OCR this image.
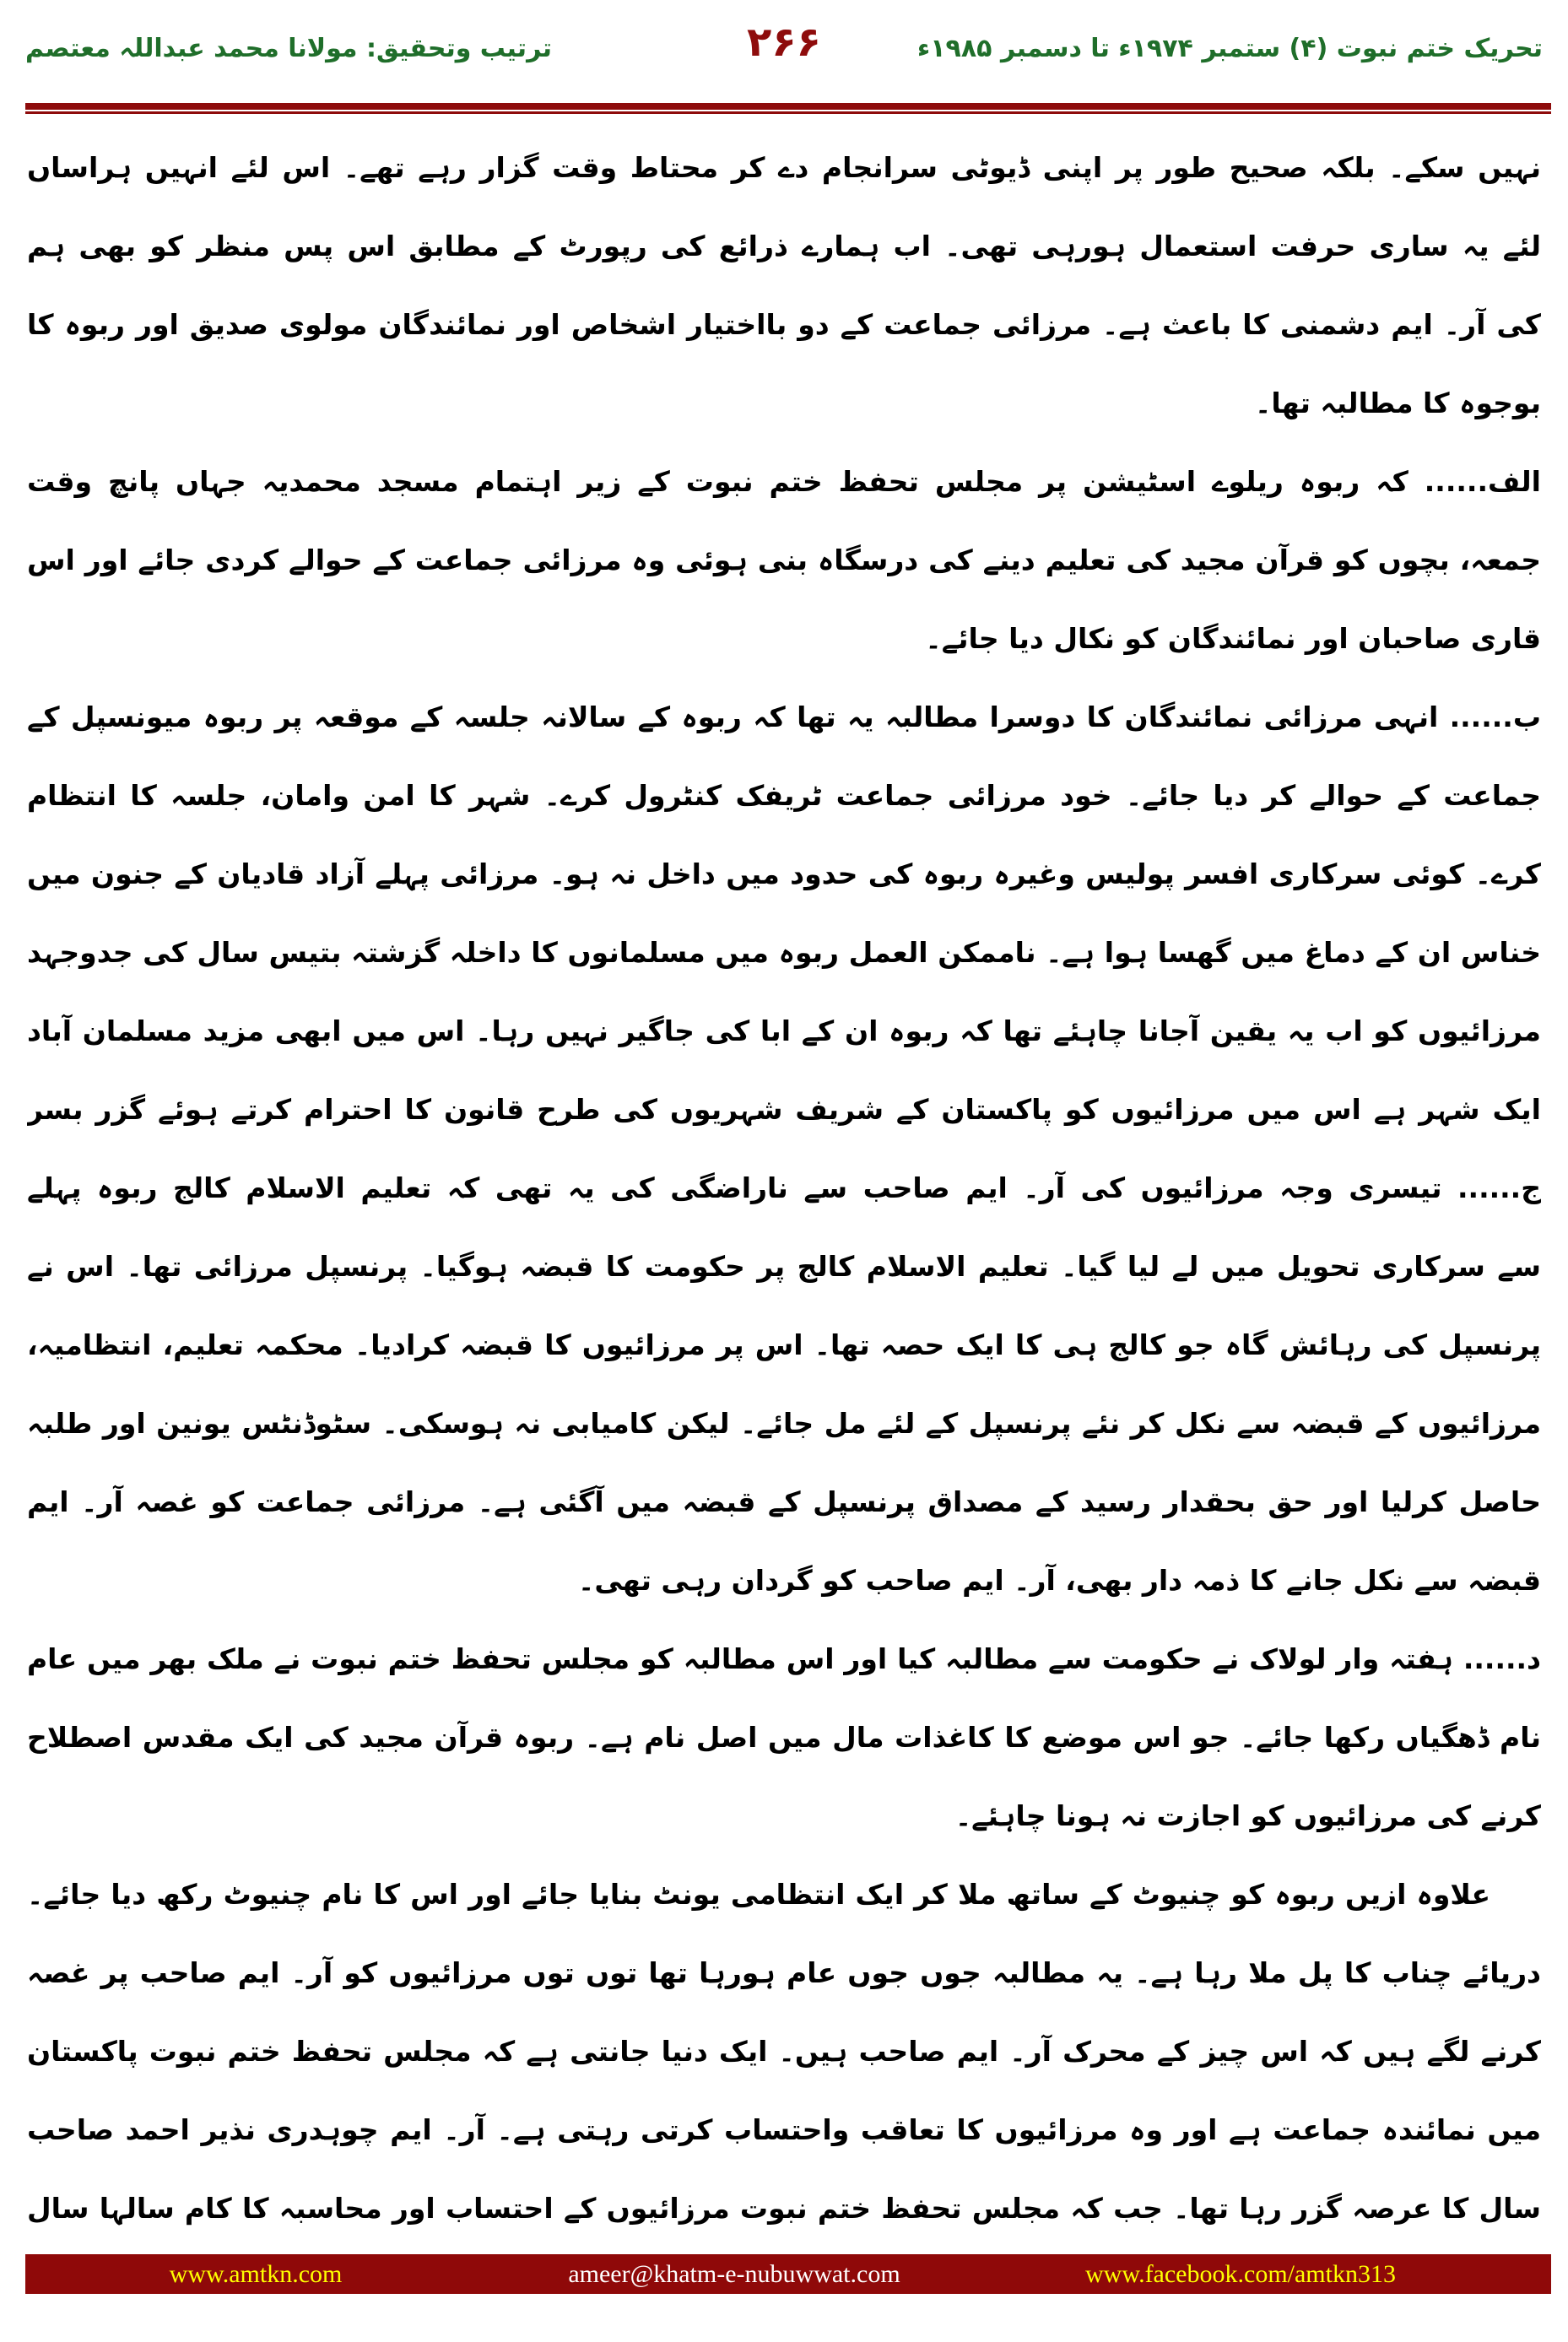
تحریک ختم نبوت (۴) ستمبر ۱۹۷۴ء تا دسمبر ۱۹۸۵ء
۲۶۶
ترتیب وتحقیق: مولانا محمد عبداللہ معتصم
نہیں سکے۔ بلکہ صحیح طور پر اپنی ڈیوٹی سرانجام دے کر محتاط وقت گزار رہے تھے۔ اس لئے انہیں ہراساں
لئے یہ ساری حرفت استعمال ہورہی تھی۔ اب ہمارے ذرائع کی رپورٹ کے مطابق اس پس منظر کو بھی ہم
کی آر۔ ایم دشمنی کا باعث ہے۔ مرزائی جماعت کے دو بااختیار اشخاص اور نمائندگان مولوی صدیق اور ربوہ کا
بوجوہ کا مطالبہ تھا۔
الف...... کہ ربوہ ریلوے اسٹیشن پر مجلس تحفظ ختم نبوت کے زیر اہتمام مسجد محمدیہ جہاں پانچ وقت
جمعہ، بچوں کو قرآن مجید کی تعلیم دینے کی درسگاہ بنی ہوئی وہ مرزائی جماعت کے حوالے کردی جائے اور اس
قاری صاحبان اور نمائندگان کو نکال دیا جائے۔
ب...... انہی مرزائی نمائندگان کا دوسرا مطالبہ یہ تھا کہ ربوہ کے سالانہ جلسہ کے موقعہ پر ربوہ میونسپل کے
جماعت کے حوالے کر دیا جائے۔ خود مرزائی جماعت ٹریفک کنٹرول کرے۔ شہر کا امن وامان، جلسہ کا انتظام
کرے۔ کوئی سرکاری افسر پولیس وغیرہ ربوہ کی حدود میں داخل نہ ہو۔ مرزائی پہلے آزاد قادیان کے جنون میں
خناس ان کے دماغ میں گھسا ہوا ہے۔ ناممکن العمل ربوہ میں مسلمانوں کا داخلہ گزشتہ بتیس سال کی جدوجہد
مرزائیوں کو اب یہ یقین آجانا چاہئے تھا کہ ربوہ ان کے ابا کی جاگیر نہیں رہا۔ اس میں ابھی مزید مسلمان آباد
ایک شہر ہے اس میں مرزائیوں کو پاکستان کے شریف شہریوں کی طرح قانون کا احترام کرتے ہوئے گزر بسر
ج...... تیسری وجہ مرزائیوں کی آر۔ ایم صاحب سے ناراضگی کی یہ تھی کہ تعلیم الاسلام کالج ربوہ پہلے
سے سرکاری تحویل میں لے لیا گیا۔ تعلیم الاسلام کالج پر حکومت کا قبضہ ہوگیا۔ پرنسپل مرزائی تھا۔ اس نے
پرنسپل کی رہائش گاہ جو کالج ہی کا ایک حصہ تھا۔ اس پر مرزائیوں کا قبضہ کرادیا۔ محکمہ تعلیم، انتظامیہ،
مرزائیوں کے قبضہ سے نکل کر نئے پرنسپل کے لئے مل جائے۔ لیکن کامیابی نہ ہوسکی۔ سٹوڈنٹس یونین اور طلبہ
حاصل کرلیا اور حق بحقدار رسید کے مصداق پرنسپل کے قبضہ میں آگئی ہے۔ مرزائی جماعت کو غصہ آر۔ ایم
قبضہ سے نکل جانے کا ذمہ دار بھی، آر۔ ایم صاحب کو گردان رہی تھی۔
د...... ہفتہ وار لولاک نے حکومت سے مطالبہ کیا اور اس مطالبہ کو مجلس تحفظ ختم نبوت نے ملک بھر میں عام
نام ڈھگیاں رکھا جائے۔ جو اس موضع کا کاغذات مال میں اصل نام ہے۔ ربوہ قرآن مجید کی ایک مقدس اصطلاح
کرنے کی مرزائیوں کو اجازت نہ ہونا چاہئے۔
علاوہ ازیں ربوہ کو چنیوٹ کے ساتھ ملا کر ایک انتظامی یونٹ بنایا جائے اور اس کا نام چنیوٹ رکھ دیا جائے۔
دریائے چناب کا پل ملا رہا ہے۔ یہ مطالبہ جوں جوں عام ہورہا تھا توں توں مرزائیوں کو آر۔ ایم صاحب پر غصہ
کرنے لگے ہیں کہ اس چیز کے محرک آر۔ ایم صاحب ہیں۔ ایک دنیا جانتی ہے کہ مجلس تحفظ ختم نبوت پاکستان
میں نمائندہ جماعت ہے اور وہ مرزائیوں کا تعاقب واحتساب کرتی رہتی ہے۔ آر۔ ایم چوہدری نذیر احمد صاحب
سال کا عرصہ گزر رہا تھا۔ جب کہ مجلس تحفظ ختم نبوت مرزائیوں کے احتساب اور محاسبہ کا کام سالہا سال
www.amtkn.com	ameer@khatm-e-nubuwwat.com	www.facebook.com/amtkn313
